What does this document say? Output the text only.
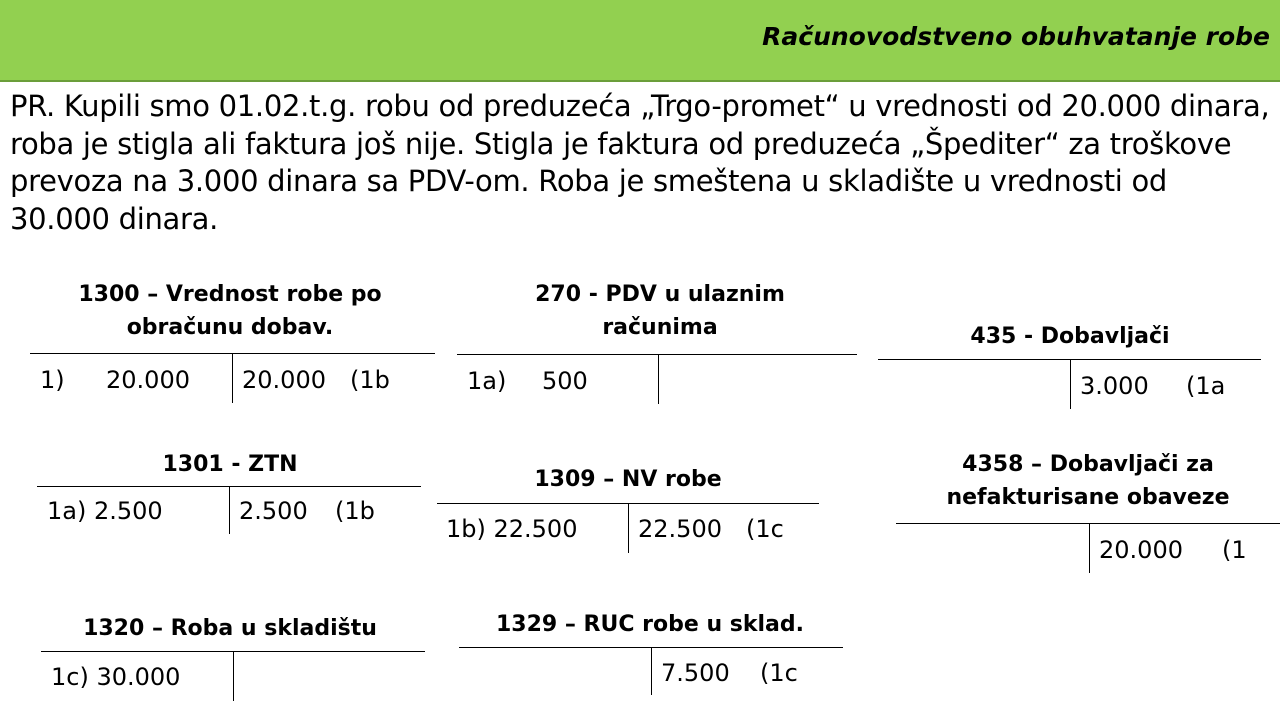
Računovodstveno obuhvatanje robe
PR. Kupili smo 01.02.t.g. robu od preduzeća „Trgo-promet“ u vrednosti od 20.000 dinara, roba je stigla ali faktura još nije. Stigla je faktura od preduzeća „Špediter“ za troškove prevoza na 3.000 dinara sa PDV-om. Roba je smeštena u skladište u vrednosti od 30.000 dinara.
1300 – Vrednost robe po obračunu dobav.
1) 20.000 20.000 (1b
270 - PDV u ulaznim računima
1a) 500
435 - Dobavljači
3.000 (1a
1301 - ZTN
1a) 2.500	2.500 (1b
1309 – NV robe
1b) 22.500	22.500 (1c
4358 – Dobavljači za nefakturisane obaveze
20.000 (1
1320 – Roba u skladištu
1c) 30.000
1329 – RUC robe u sklad.
7.500 (1c
